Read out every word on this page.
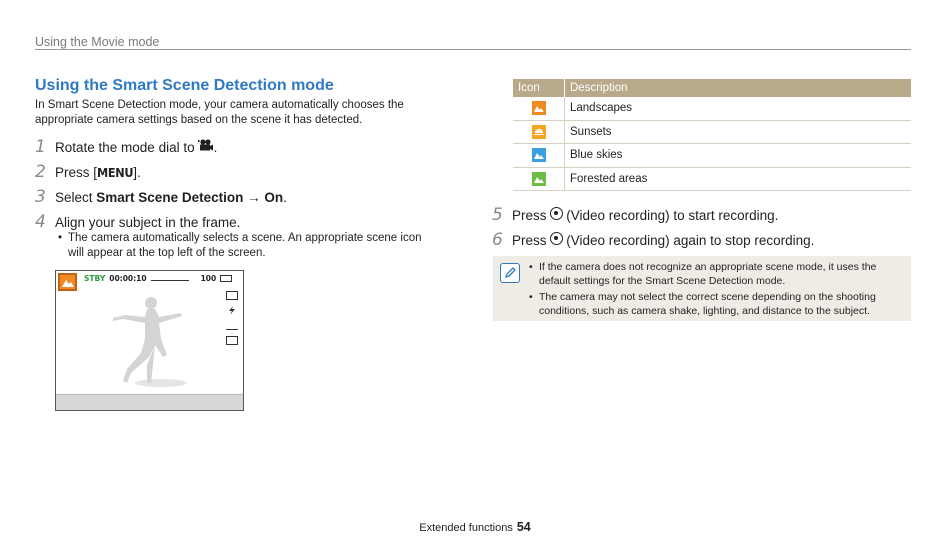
Using the Movie mode
Using the Smart Scene Detection mode
In Smart Scene Detection mode, your camera automatically chooses the appropriate camera settings based on the scene it has detected.
1 Rotate the mode dial to .
2 Press [ MENU ].
3 Select Smart Scene Detection → On .
4 Align your subject in the frame.
• The camera automatically selects a scene. An appropriate scene icon will appear at the top left of the screen.
STBY 00:00:10	100
Icon	Description
Landscapes
Sunsets
Blue skies
Forested areas
5 Press
(Video recording) to start recording.
6 Press
(Video recording) again to stop recording.
• If the camera does not recognize an appropriate scene mode, it uses the default settings for the Smart Scene Detection mode.
• The camera may not select the correct scene depending on the shooting conditions, such as camera shake, lighting, and distance to the subject.
Extended functions 54
